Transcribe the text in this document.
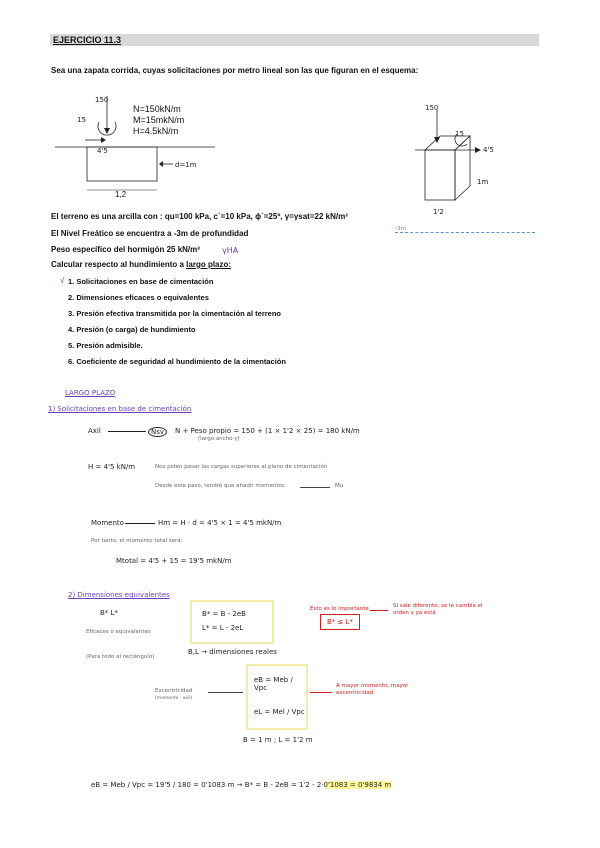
EJERCICIO 11.3
Sea una zapata corrida, cuyas solicitaciones por metro lineal son las que figuran en el esquema:
150
15
4'5
N=150kN/m
M=15mkN/m
H=4.5kN/m
d=1m
1,2
150
15
4'5
1m
1'2
El terreno es una arcilla con : qu=100 kPa, c´=10 kPa, ϕ´=25º, γ=γsat=22 kN/m³
El Nivel Freático se encuentra a -3m de profundidad	-3m
Peso específico del hormigón 25 kN/m³	γHA
Calcular respecto al hundimiento a largo plazo:
√ 1. Solicitaciones en base de cimentación
2. Dimensiones eficaces o equivalentes
3. Presión efectiva transmitida por la cimentación al terreno
4. Presión (o carga) de hundimiento
5. Presión admisible.
6. Coeficiente de seguridad al hundimiento de la cimentación
LARGO PLAZO
1) Solicitaciones en base de cimentación
Axil	Nsv	N + Peso propio = 150 + (1 × 1'2 × 25) = 180 kN/m
(largo·ancho·γ)
H = 4'5 kN/m	Nos piden pasar las cargas superiores al plano de cimentación
Desde este paso, tendré que añadir momentos	Mu
Momento	Hm = H · d = 4'5 × 1 = 4'5 mkN/m
Por tanto, el momento total será:
Mtotal = 4'5 + 15 = 19'5 mkN/m
2) Dimensiones equivalentes
B* L*
Eficaces o equivalentes
(Para todo el rectángulo)
B* = B - 2eB
L* = L - 2eL
B,L → dimensiones reales
Esto es lo importante	Si sale diferente, se le cambia el orden y ya está
B* ≤ L*
Excentricidad
(momento · axil)
eB = Meb / Vpc
eL = Mel / Vpc
A mayor momento, mayor excentricidad
B = 1 m ; L = 1'2 m
eB = Meb / Vpc = 19'5 / 180 = 0'1083 m → B* = B - 2eB = 1'2 - 2·0'1083 = 0'9834 m
